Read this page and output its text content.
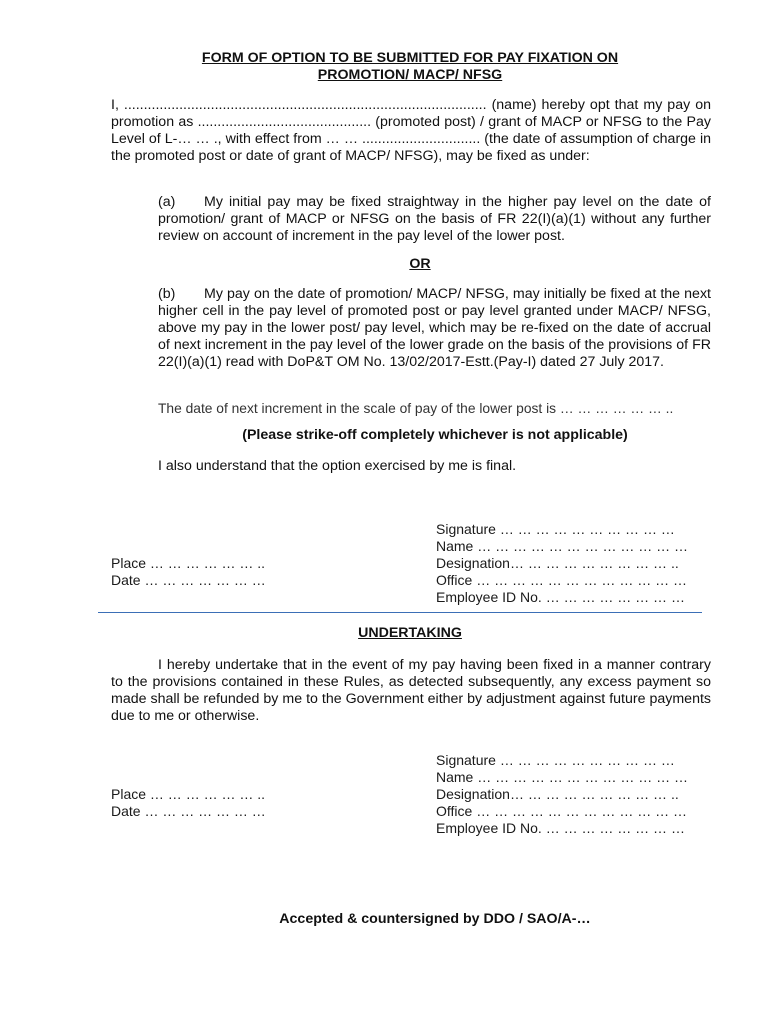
FORM OF OPTION TO BE SUBMITTED FOR PAY FIXATION ON
PROMOTION/ MACP/ NFSG
I, ............................................................................................ (name) hereby opt that my pay on promotion as ............................................ (promoted post) / grant of MACP or NFSG to the Pay Level of L-… … ., with effect from … … .............................. (the date of assumption of charge in the promoted post or date of grant of MACP/ NFSG), may be fixed as under:
(a) My initial pay may be fixed straightway in the higher pay level on the date of promotion/ grant of MACP or NFSG on the basis of FR 22(I)(a)(1) without any further review on account of increment in the pay level of the lower post.
OR
(b) My pay on the date of promotion/ MACP/ NFSG, may initially be fixed at the next higher cell in the pay level of promoted post or pay level granted under MACP/ NFSG, above my pay in the lower post/ pay level, which may be re-fixed on the date of accrual of next increment in the pay level of the lower grade on the basis of the provisions of FR 22(I)(a)(1) read with DoP&T OM No. 13/02/2017-Estt.(Pay-I) dated 27 July 2017.
The date of next increment in the scale of pay of the lower post is … … … … … … ..
(Please strike-off completely whichever is not applicable)
I also understand that the option exercised by me is final.
Signature … … … … … … … … … …
Name … … … … … … … … … … … …
Designation… … … … … … … … … ..
Office … … … … … … … … … … … …
Employee ID No. … … … … … … … …
Place … … … … … … ..
Date … … … … … … …
UNDERTAKING
I hereby undertake that in the event of my pay having been fixed in a manner contrary to the provisions contained in these Rules, as detected subsequently, any excess payment so made shall be refunded by me to the Government either by adjustment against future payments due to me or otherwise.
Signature … … … … … … … … … …
Name … … … … … … … … … … … …
Designation… … … … … … … … … ..
Office … … … … … … … … … … … …
Employee ID No. … … … … … … … …
Place … … … … … … ..
Date … … … … … … …
Accepted & countersigned by DDO / SAO/A-…
